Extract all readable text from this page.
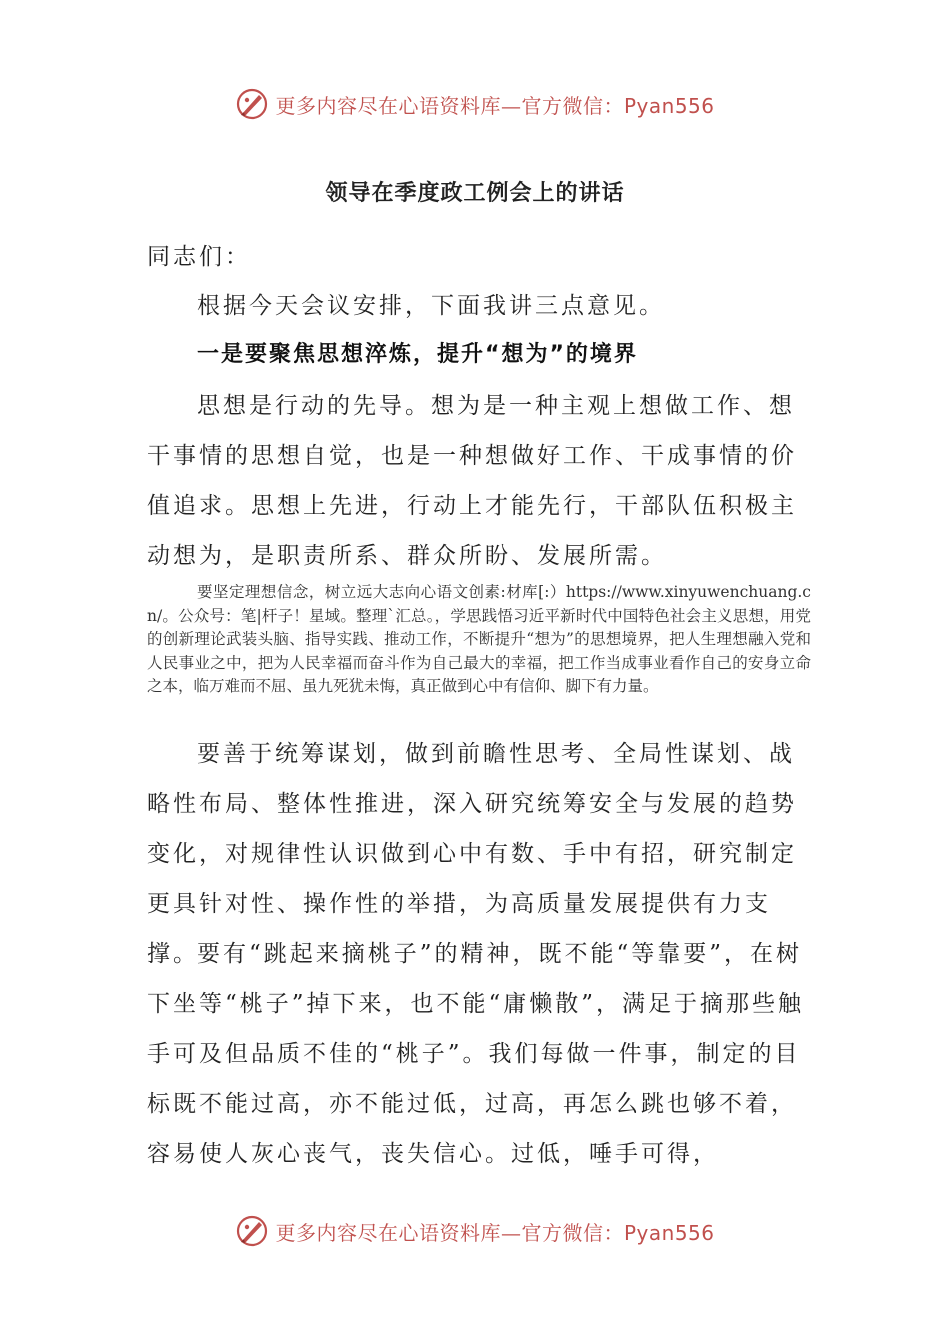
更多内容尽在心语资料库—官方微信：Pyan556
领导在季度政工例会上的讲话

同志们：

根据今天会议安排，下面我讲三点意见。

一是要聚焦思想淬炼，提升“想为”的境界

思想是行动的先导。想为是一种主观上想做工作、想干事情的思想自觉，也是一种想做好工作、干成事情的价值追求。思想上先进，行动上才能先行，干部队伍积极主动想为，是职责所系、群众所盼、发展所需。

要坚定理想信念，树立远大志向心语文创素:材库[:）https://www.xinyuwenchuang.cn/。公众号：笔|杆子！星域。整理`汇总。，学思践悟习近平新时代中国特色社会主义思想，用党的创新理论武装头脑、指导实践、推动工作，不断提升“想为”的思想境界，把人生理想融入党和人民事业之中，把为人民幸福而奋斗作为自己最大的幸福，把工作当成事业看作自己的安身立命之本，临万难而不屈、虽九死犹未悔，真正做到心中有信仰、脚下有力量。

要善于统筹谋划，做到前瞻性思考、全局性谋划、战略性布局、整体性推进，深入研究统筹安全与发展的趋势变化，对规律性认识做到心中有数、手中有招，研究制定更具针对性、操作性的举措，为高质量发展提供有力支撑。

要有“跳起来摘桃子”的精神，既不能“等靠要”，在树下坐等“桃子”掉下来，也不能“庸懒散”，满足于摘那些触手可及但品质不佳的“桃子”。我们每做一件事，制定的目标既不能过高，亦不能过低，过高，再怎么跳也够不着，容易使人灰心丧气，丧失信心。过低，唾手可得，

更多内容尽在心语资料库—官方微信：Pyan556
